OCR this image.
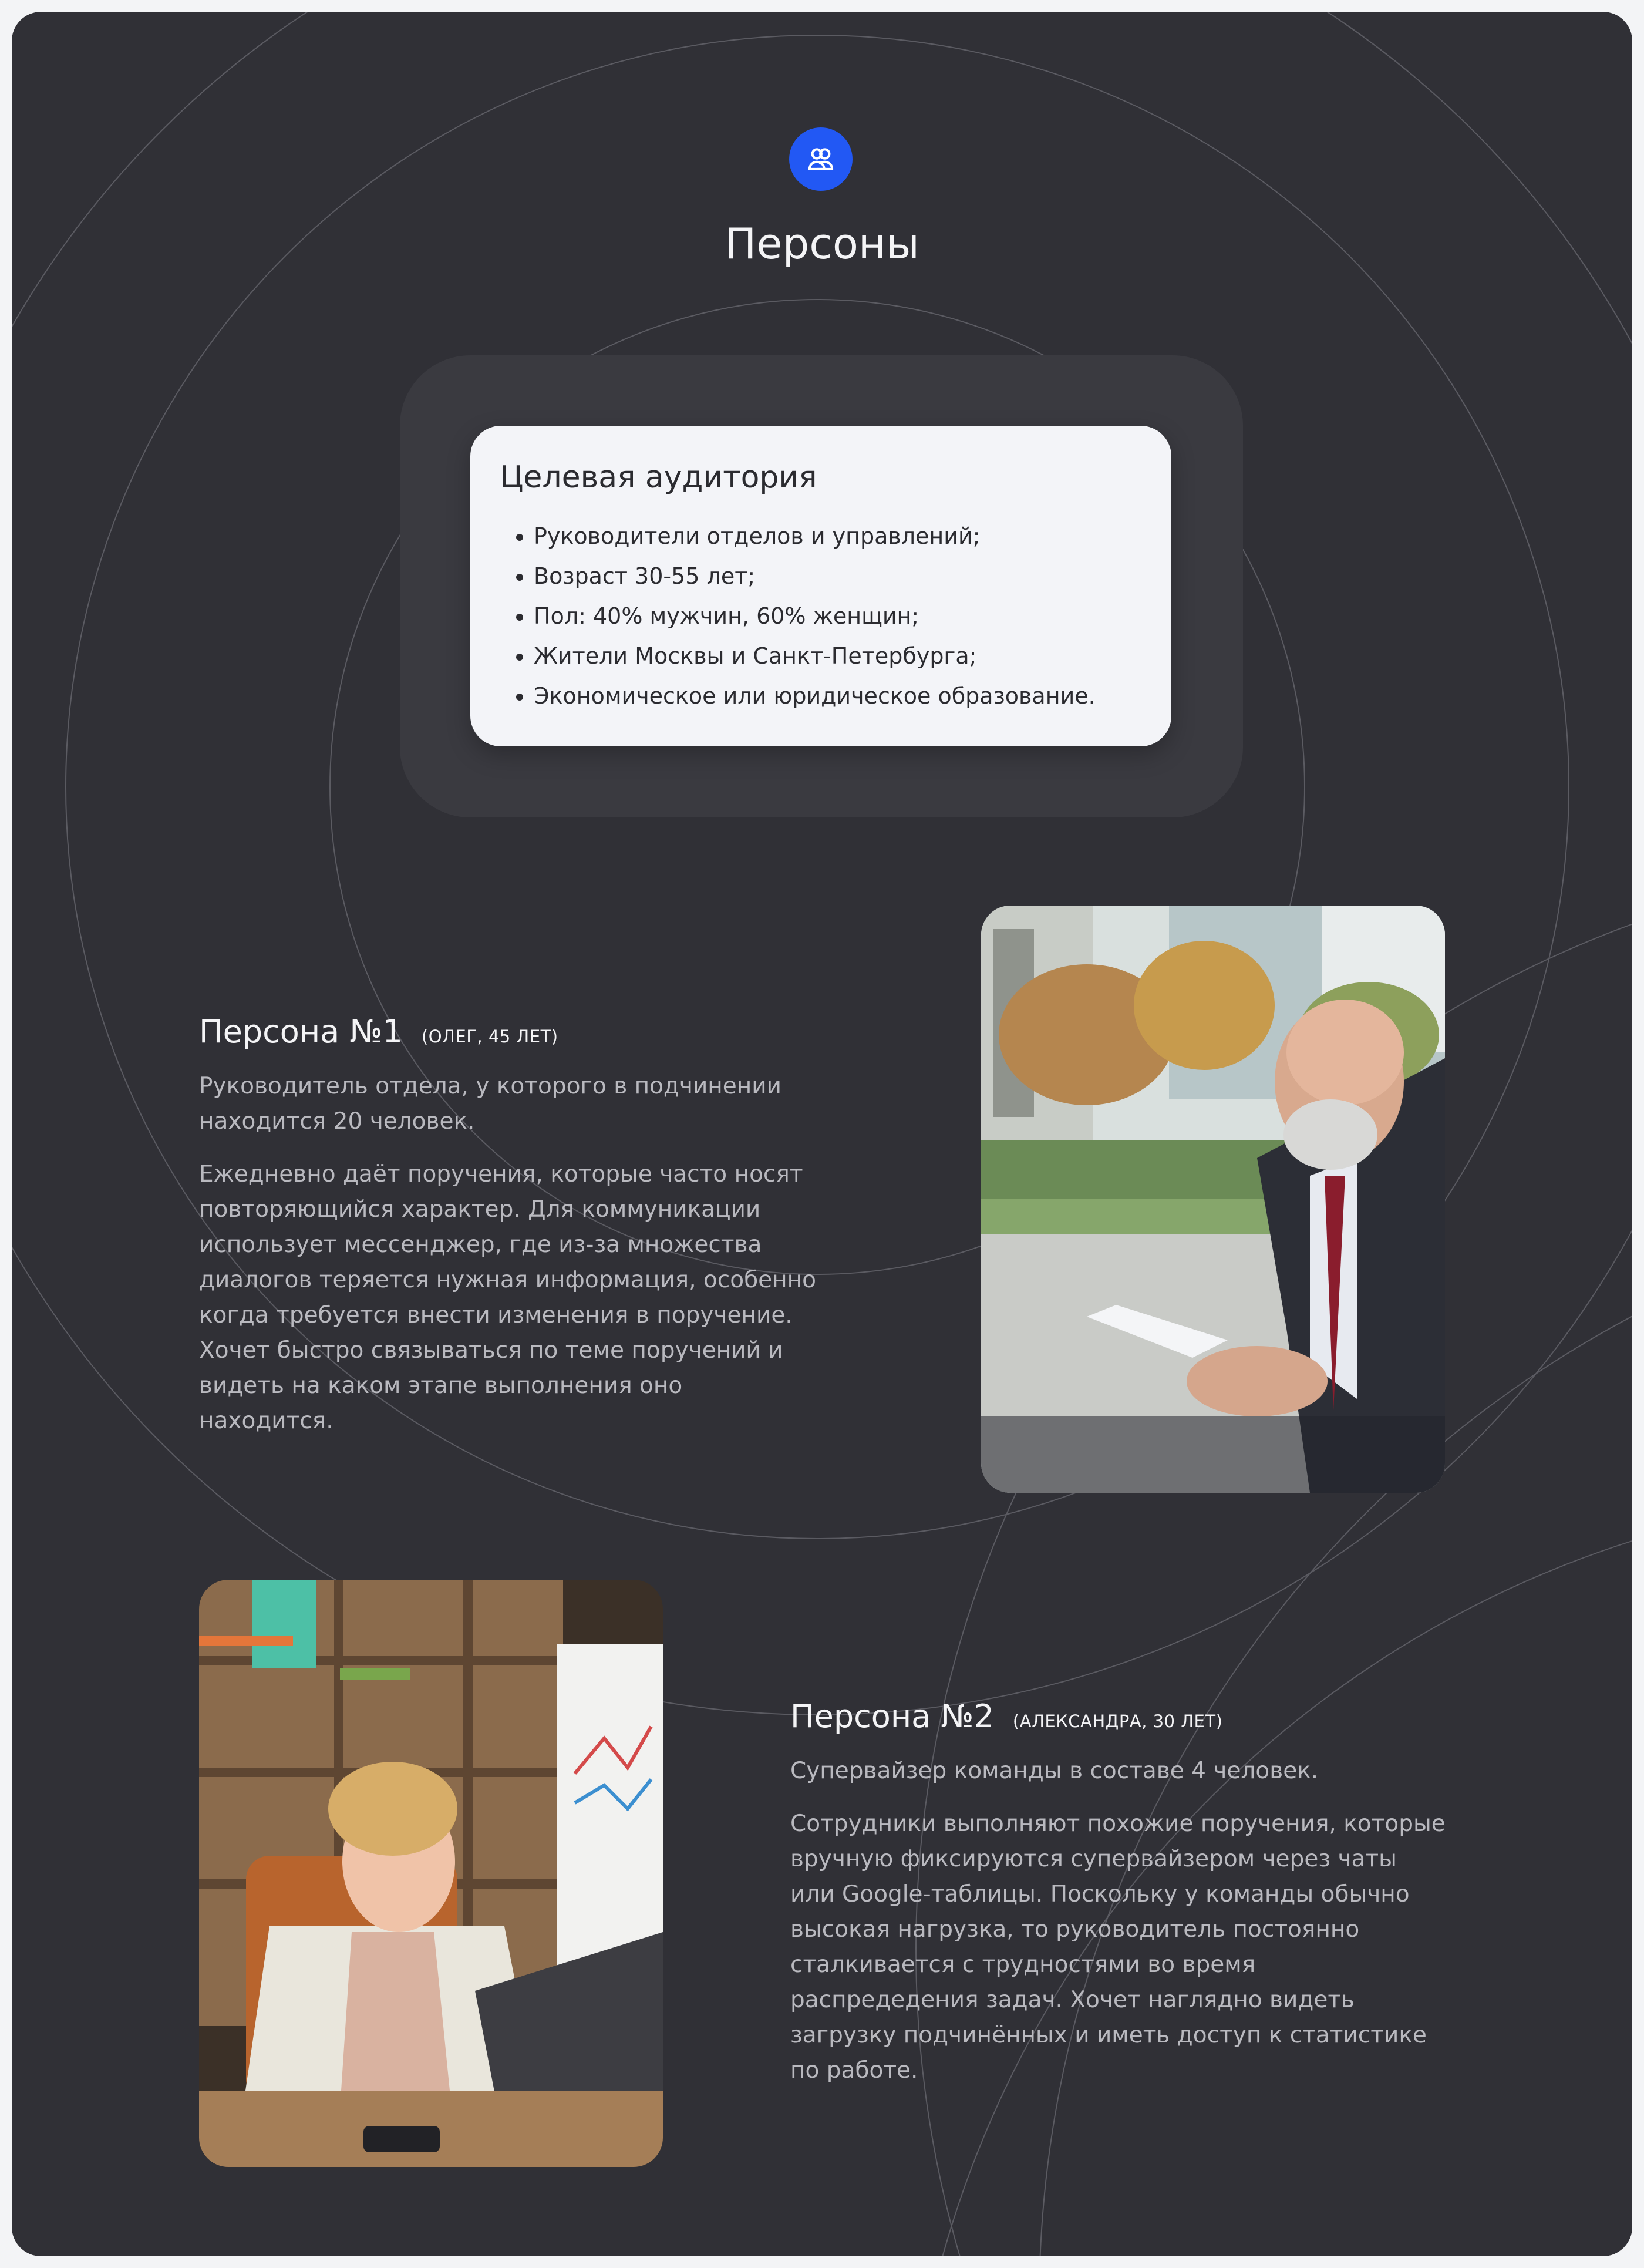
Персоны
Целевая аудитория
• Руководители отделов и управлений;
• Возраст 30-55 лет;
• Пол: 40% мужчин, 60% женщин;
• Жители Москвы и Санкт-Петербурга;
• Экономическое или юридическое образование.
Персона №1 (ОЛЕГ, 45 ЛЕТ)

Руководитель отдела, у которого в подчинении находится 20 человек.

Ежедневно даёт поручения, которые часто носят повторяющийся характер. Для коммуникации использует мессенджер, где из-за множества диалогов теряется нужная информация, особенно когда требуется внести изменения в поручение. Хочет быстро связываться по теме поручений и видеть на каком этапе выполнения оно находится.

Персона №2 (АЛЕКСАНДРА, 30 ЛЕТ)

Супервайзер команды в составе 4 человек.

Сотрудники выполняют похожие поручения, которые вручную фиксируются супервайзером через чаты или Google-таблицы. Поскольку у команды обычно высокая нагрузка, то руководитель постоянно сталкивается с трудностями во время распредедения задач. Хочет наглядно видеть загрузку подчинённых и иметь доступ к статистике по работе.
